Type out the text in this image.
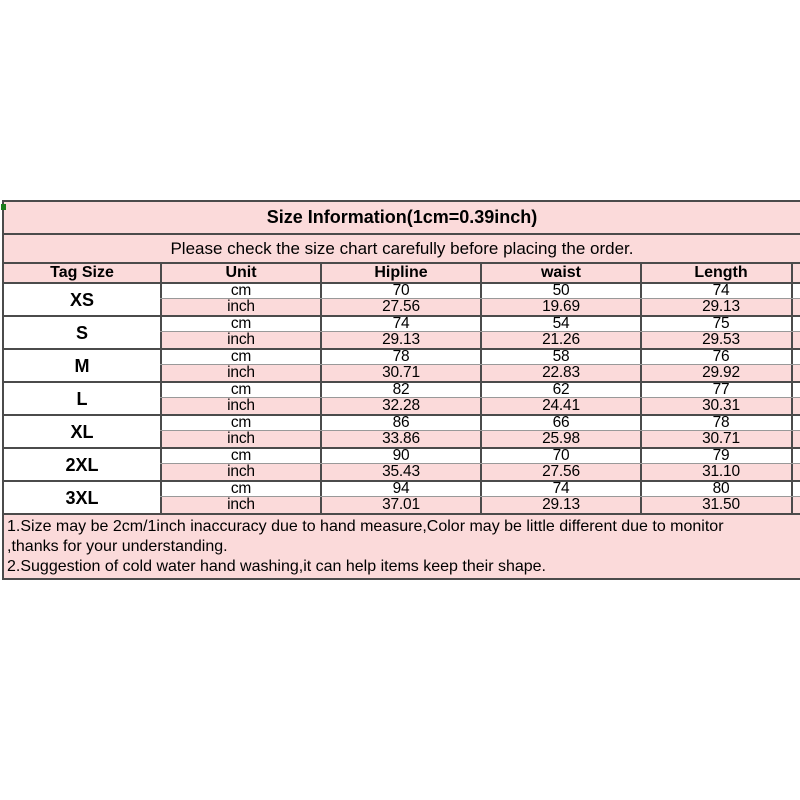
Size Information(1cm=0.39inch)
Please check the size chart carefully before placing the order.
Tag Size	Unit	Hipline	waist	Length
XS	cm	70	50	74
inch	27.56	19.69	29.13
S	cm	74	54	75
inch	29.13	21.26	29.53
M	cm	78	58	76
inch	30.71	22.83	29.92
L	cm	82	62	77
inch	32.28	24.41	30.31
XL	cm	86	66	78
inch	33.86	25.98	30.71
2XL	cm	90	70	79
inch	35.43	27.56	31.10
3XL	cm	94	74	80
inch	37.01	29.13	31.50
1.Size may be 2cm/1inch inaccuracy due to hand measure,Color may be little different due to monitor
,thanks for your understanding.
2.Suggestion of cold water hand washing,it can help items keep their shape.
